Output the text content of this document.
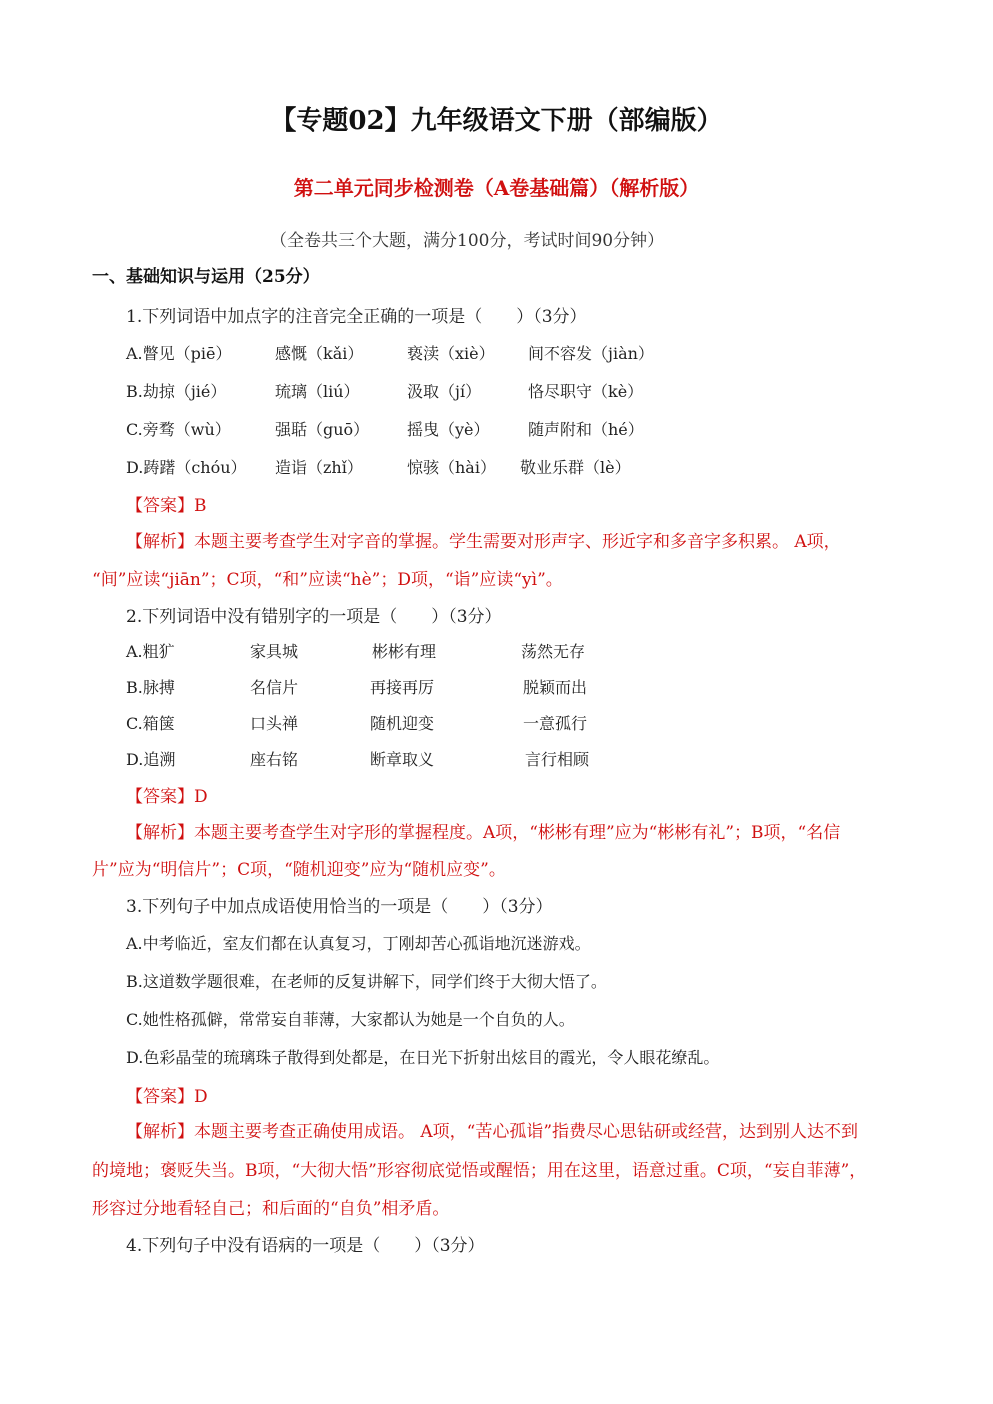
【专题02】九年级语文下册（部编版）
第二单元同步检测卷（A卷基础篇）（解析版）
（全卷共三个大题，满分100分，考试时间90分钟）
一、基础知识与运用（25分）
1.下列词语中加点字的注音完全正确的一项是（　　）（3分）
A.瞥见（piē）	感慨（kǎi）	亵渎（xiè） 间不容发（jiàn）
B.劫掠（jié）	琉璃（liú）	汲取（jí）	恪尽职守（kè）
C.旁骛（wù）	强聒（guō） 摇曳（yè） 随声附和（hé）
D.踌躇（chóu） 造诣（zhǐ）	惊骇（hài） 敬业乐群（lè）
【答案】B
【解析】本题主要考查学生对字音的掌握。学生需要对形声字、形近字和多音字多积累。 A项，
“间”应读“jiān”；C项，“和”应读“hè”；D项，“诣”应读“yì”。
2.下列词语中没有错别字的一项是（　　）（3分）
A.粗犷	家具城	彬彬有理	荡然无存
B.脉搏	名信片	再接再厉	脱颖而出
C.箱箧	口头禅	随机迎变	一意孤行
D.追溯	座右铭	断章取义	言行相顾
【答案】D
【解析】本题主要考查学生对字形的掌握程度。A项，“彬彬有理”应为“彬彬有礼”；B项，“名信
片”应为“明信片”；C项，“随机迎变”应为“随机应变”。
3.下列句子中加点成语使用恰当的一项是（　　）（3分）
A.中考临近，室友们都在认真复习，丁刚却苦心孤诣地沉迷游戏。
B.这道数学题很难，在老师的反复讲解下，同学们终于大彻大悟了。
C.她性格孤僻，常常妄自菲薄，大家都认为她是一个自负的人。
D.色彩晶莹的琉璃珠子散得到处都是，在日光下折射出炫目的霞光，令人眼花缭乱。
【答案】D
【解析】本题主要考查正确使用成语。 A项，“苦心孤诣”指费尽心思钻研或经营，达到别人达不到
的境地；褒贬失当。B项，“大彻大悟”形容彻底觉悟或醒悟；用在这里，语意过重。C项，“妄自菲薄”，
形容过分地看轻自己；和后面的“自负”相矛盾。
4.下列句子中没有语病的一项是（　　）（3分）
